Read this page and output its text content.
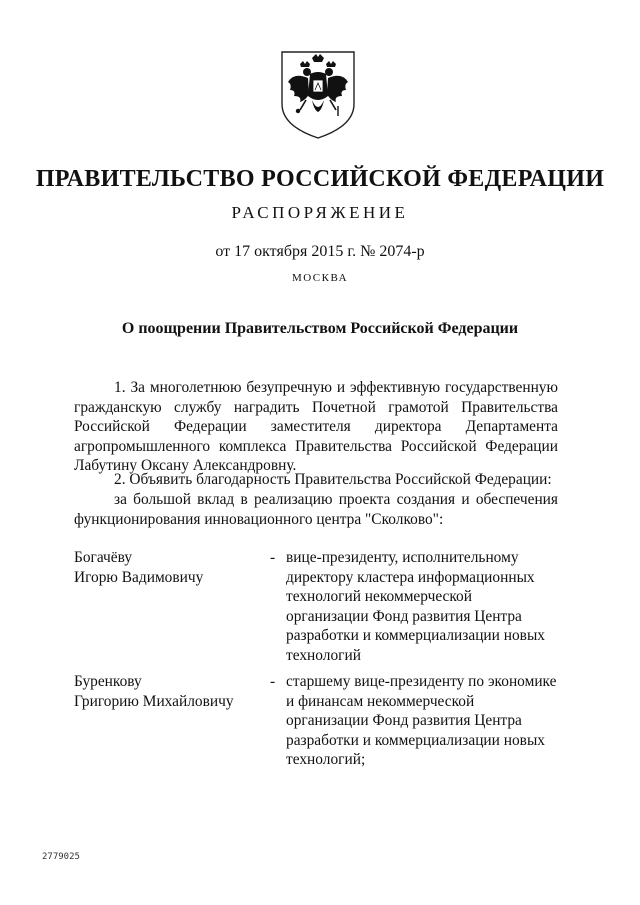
ПРАВИТЕЛЬСТВО РОССИЙСКОЙ ФЕДЕРАЦИИ
РАСПОРЯЖЕНИЕ
от 17 октября 2015 г. № 2074-р
МОСКВА
О поощрении Правительством Российской Федерации

1. За многолетнюю безупречную и эффективную государственную гражданскую службу наградить Почетной грамотой Правительства Российской Федерации заместителя директора Департамента агропромышленного комплекса Правительства Российской Федерации Лабутину Оксану Александровну.

2. Объявить благодарность Правительства Российской Федерации:

за большой вклад в реализацию проекта создания и обеспечения функционирования инновационного центра "Сколково":

Богачёву
Игорю Вадимовичу
- вице-президенту, исполнительному директору кластера информационных технологий некоммерческой организации Фонд развития Центра разработки и коммерциализации новых технологий
Буренкову
Григорию Михайловичу
- старшему вице-президенту по экономике и финансам некоммерческой организации Фонд развития Центра разработки и коммерциализации новых технологий;
2779025
